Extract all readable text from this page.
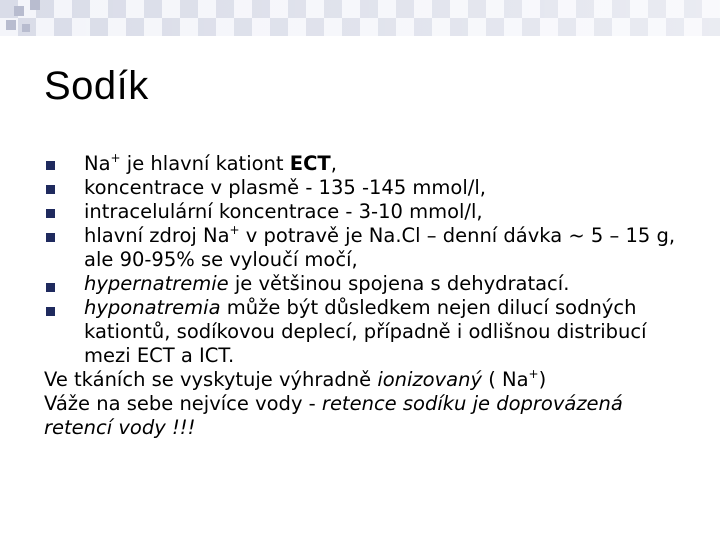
Sodík
Na+ je hlavní kationt ECT,
koncentrace v plasmě - 135 -145 mmol/l,
intracelulární koncentrace - 3-10 mmol/l,
hlavní zdroj Na+ v potravě je Na.Cl – denní dávka ~ 5 – 15 g, ale 90-95% se vyloučí močí,
hypernatremie je většinou spojena s dehydratací.
hyponatremia může být důsledkem nejen dilucí sodných kationtů, sodíkovou deplecí, případně i odlišnou distribucí mezi ECT a ICT.
Ve tkáních se vyskytuje výhradně ionizovaný ( Na+)
Váže na sebe nejvíce vody - retence sodíku je doprovázená retencí vody !!!
